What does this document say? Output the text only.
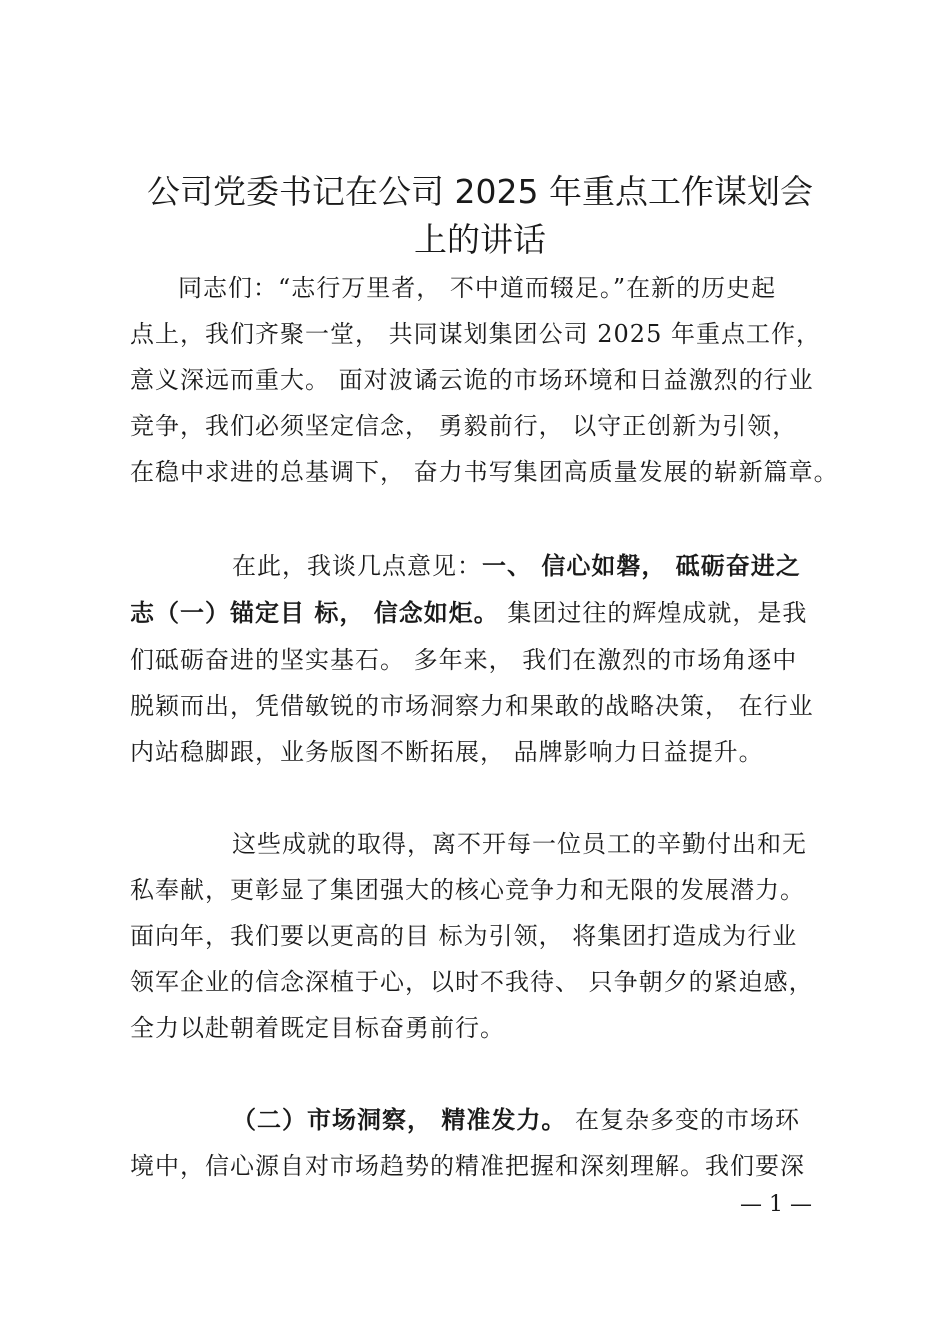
公司党委书记在公司 2025 年重点工作谋划会
上的讲话
同志们：“志行万里者， 不中道而辍足。”在新的历史起
点上，我们齐聚一堂， 共同谋划集团公司 2025 年重点工作，
意义深远而重大。 面对波谲云诡的市场环境和日益激烈的行业
竞争，我们必须坚定信念， 勇毅前行， 以守正创新为引领，
在稳中求进的总基调下， 奋力书写集团高质量发展的崭新篇章。
在此，我谈几点意见：一、 信心如磐， 砥砺奋进之
志（一）锚定目 标， 信念如炬。 集团过往的辉煌成就，是我
们砥砺奋进的坚实基石。 多年来， 我们在激烈的市场角逐中
脱颖而出，凭借敏锐的市场洞察力和果敢的战略决策， 在行业
内站稳脚跟，业务版图不断拓展， 品牌影响力日益提升。
这些成就的取得，离不开每一位员工的辛勤付出和无
私奉献，更彰显了集团强大的核心竞争力和无限的发展潜力。
面向年，我们要以更高的目 标为引领， 将集团打造成为行业
领军企业的信念深植于心，以时不我待、 只争朝夕的紧迫感，
全力以赴朝着既定目标奋勇前行。
（二）市场洞察， 精准发力。 在复杂多变的市场环
境中，信心源自对市场趋势的精准把握和深刻理解。我们要深
— 1 —
